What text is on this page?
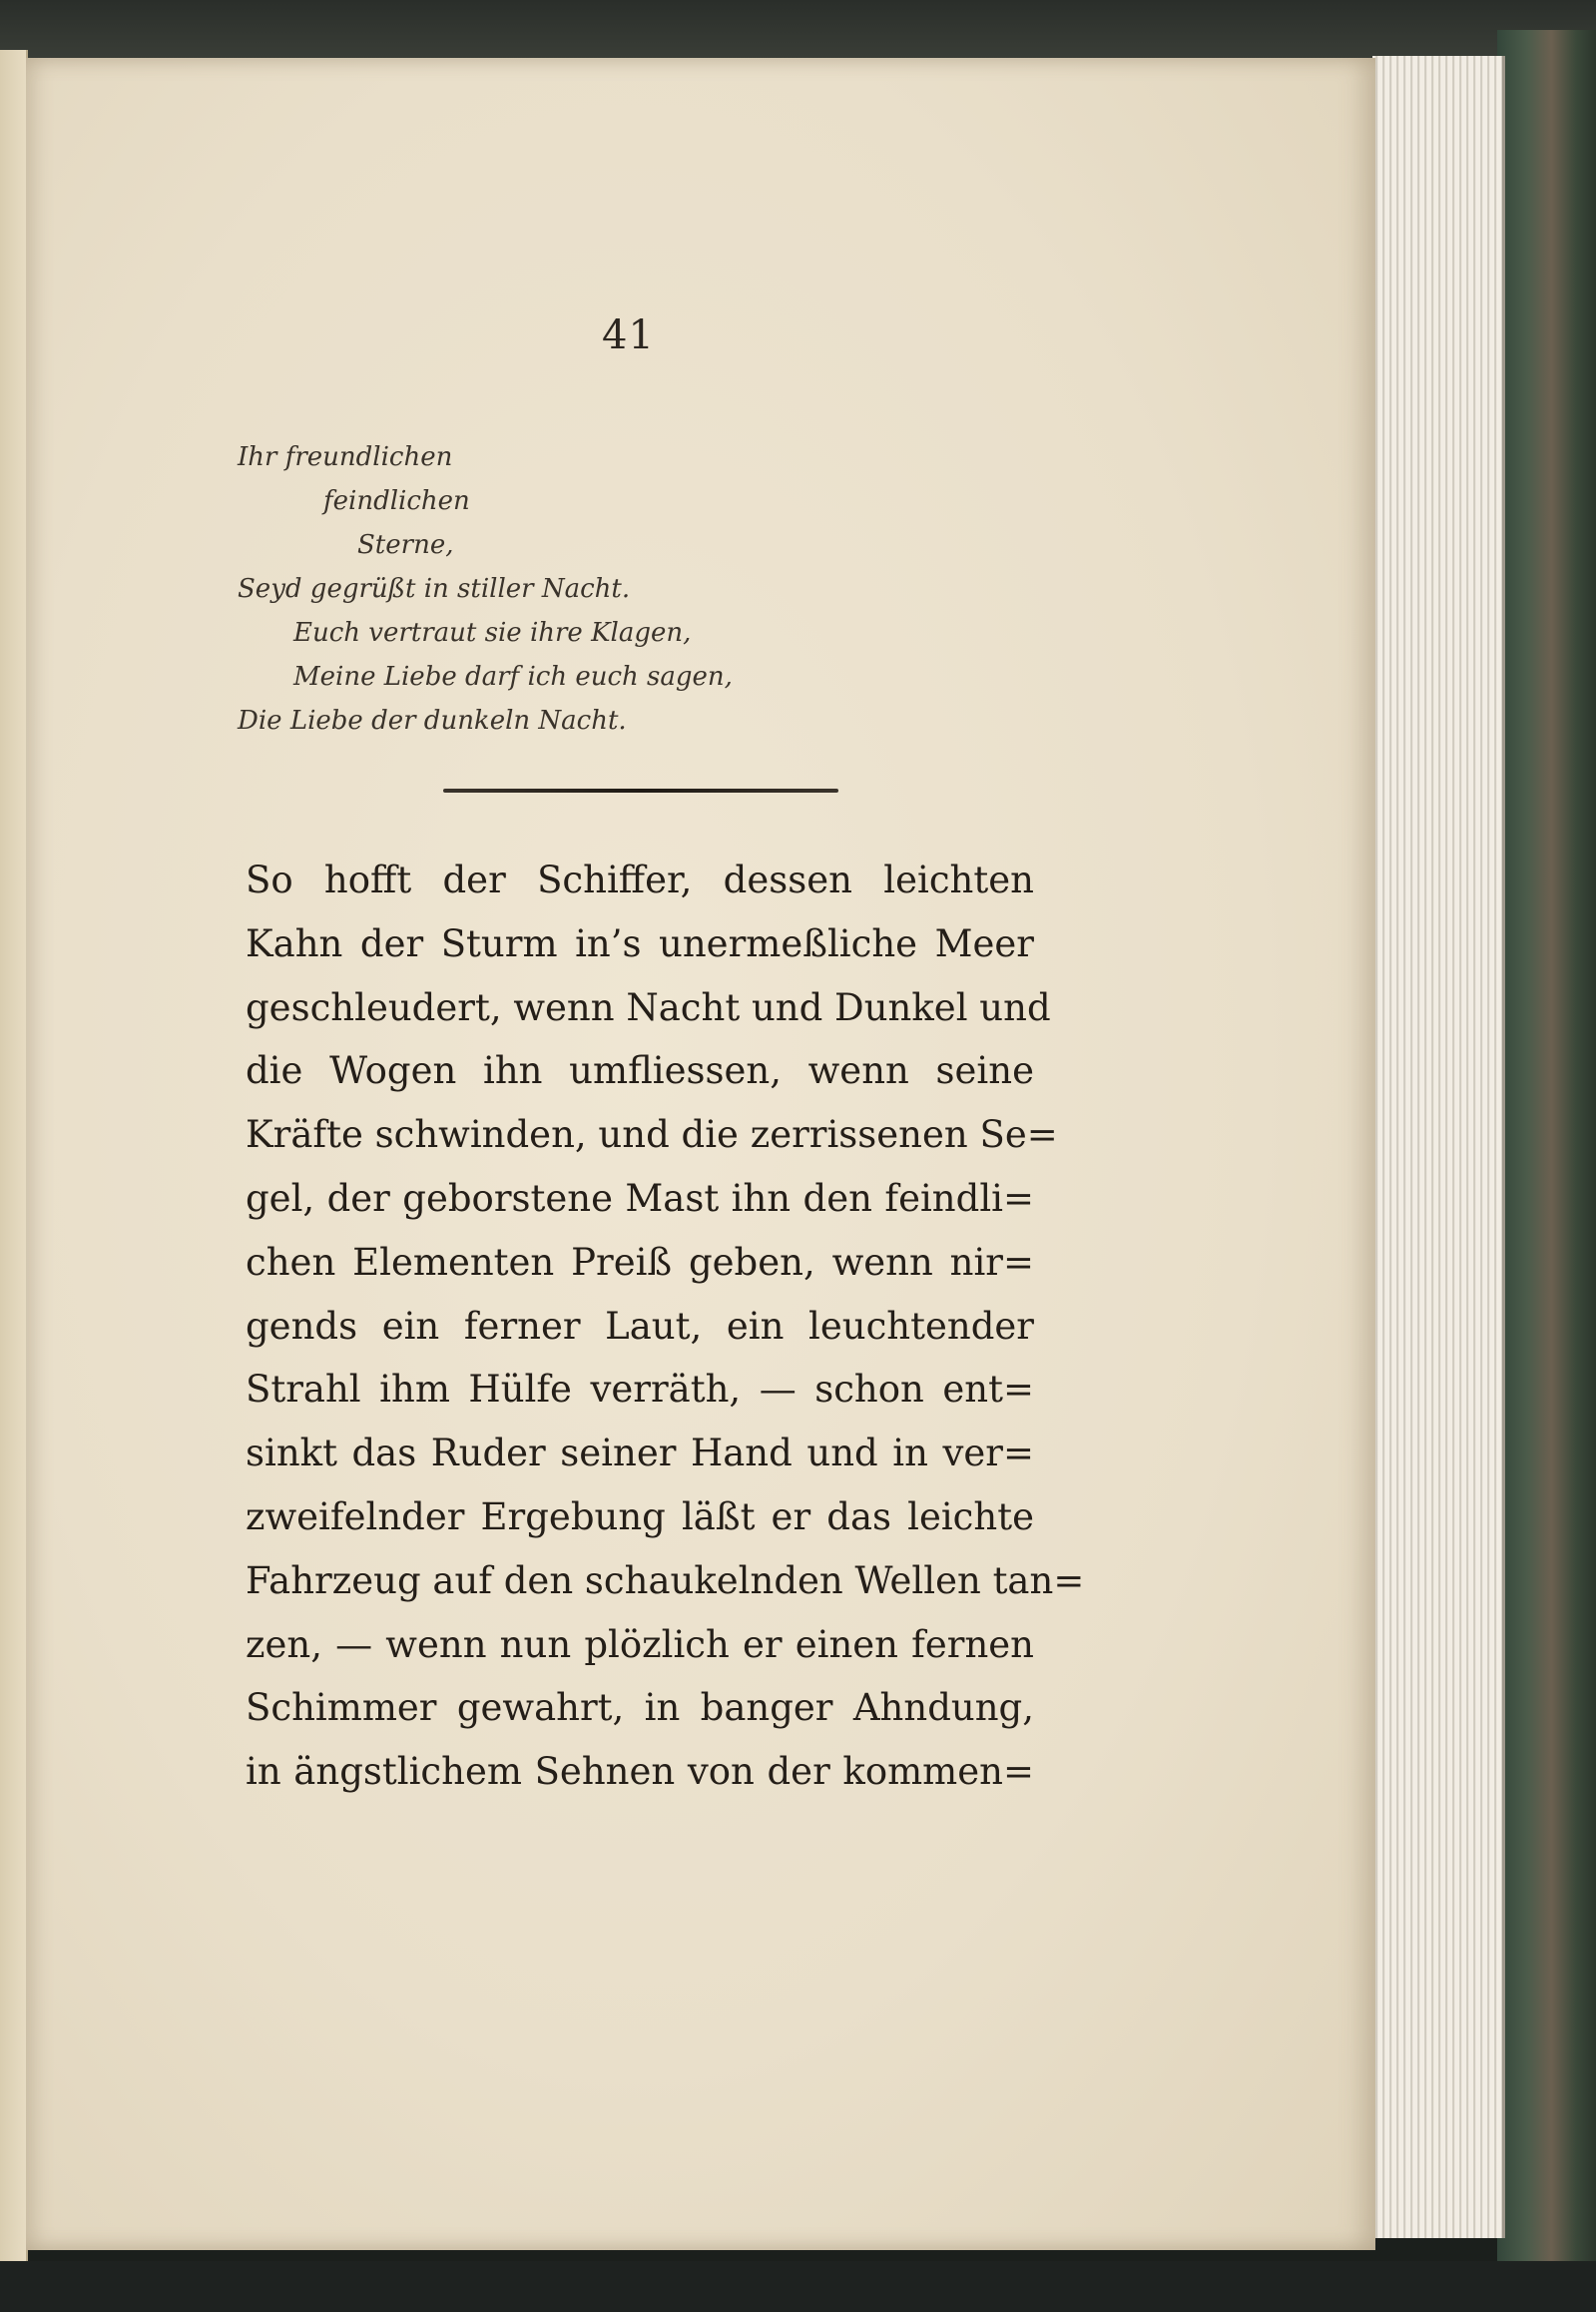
41

Ihr freundlichen
feindlichen
Sterne,
Seyd gegrüßt in stiller Nacht.
Euch vertraut sie ihre Klagen,
Meine Liebe darf ich euch sagen,
Die Liebe der dunkeln Nacht.
So hofft der Schiffer, dessen leichten
Kahn der Sturm in’s unermeßliche Meer
geschleudert, wenn Nacht und Dunkel und
die Wogen ihn umfliessen, wenn seine
Kräfte schwinden, und die zerrissenen Se=
gel, der geborstene Mast ihn den feindli=
chen Elementen Preiß geben, wenn nir=
gends ein ferner Laut, ein leuchtender
Strahl ihm Hülfe verräth, — schon ent=
sinkt das Ruder seiner Hand und in ver=
zweifelnder Ergebung läßt er das leichte
Fahrzeug auf den schaukelnden Wellen tan=
zen, — wenn nun plözlich er einen fernen
Schimmer gewahrt, in banger Ahndung,
in ängstlichem Sehnen von der kommen=
